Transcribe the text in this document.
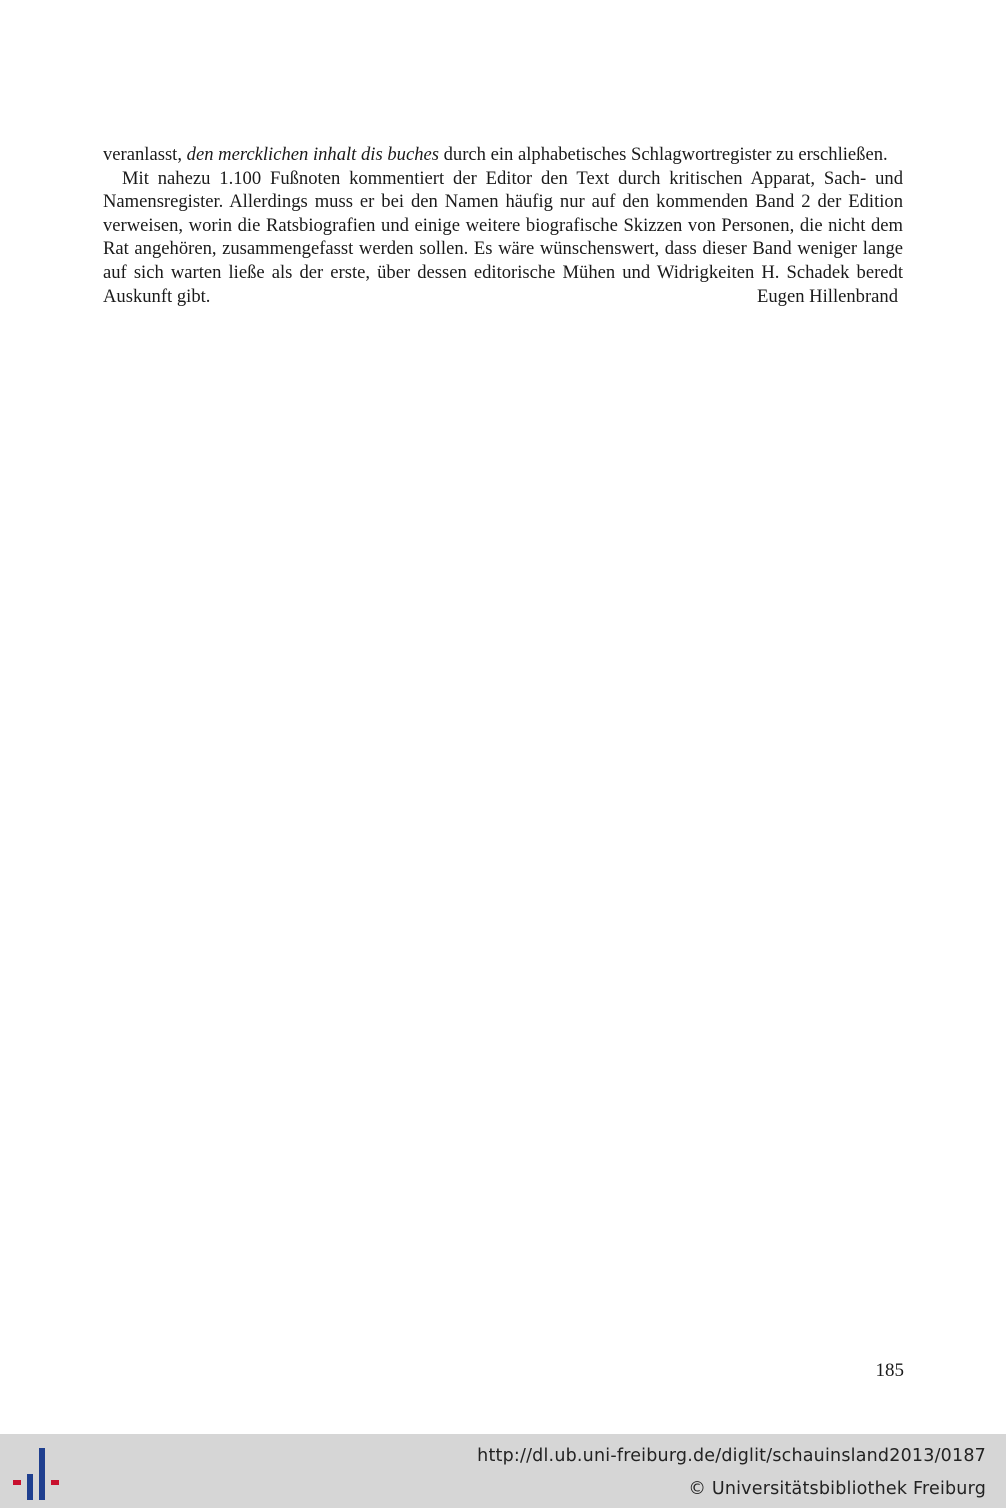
veranlasst, den mercklichen inhalt dis buches durch ein alphabetisches Schlagwortregister zu erschließen.

Mit nahezu 1.100 Fußnoten kommentiert der Editor den Text durch kritischen Apparat, Sach- und Namensregister. Allerdings muss er bei den Namen häufig nur auf den kommenden Band 2 der Edition verweisen, worin die Ratsbiografien und einige weitere biografische Skizzen von Personen, die nicht dem Rat angehören, zusammengefasst werden sollen. Es wäre wünschenswert, dass dieser Band weniger lange auf sich warten ließe als der erste, über dessen editorische Mühen und Widrigkeiten H. Schadek beredt Auskunft gibt.	Eugen Hillenbrand

185
http://dl.ub.uni-freiburg.de/diglit/schauinsland2013/0187
© Universitätsbibliothek Freiburg
